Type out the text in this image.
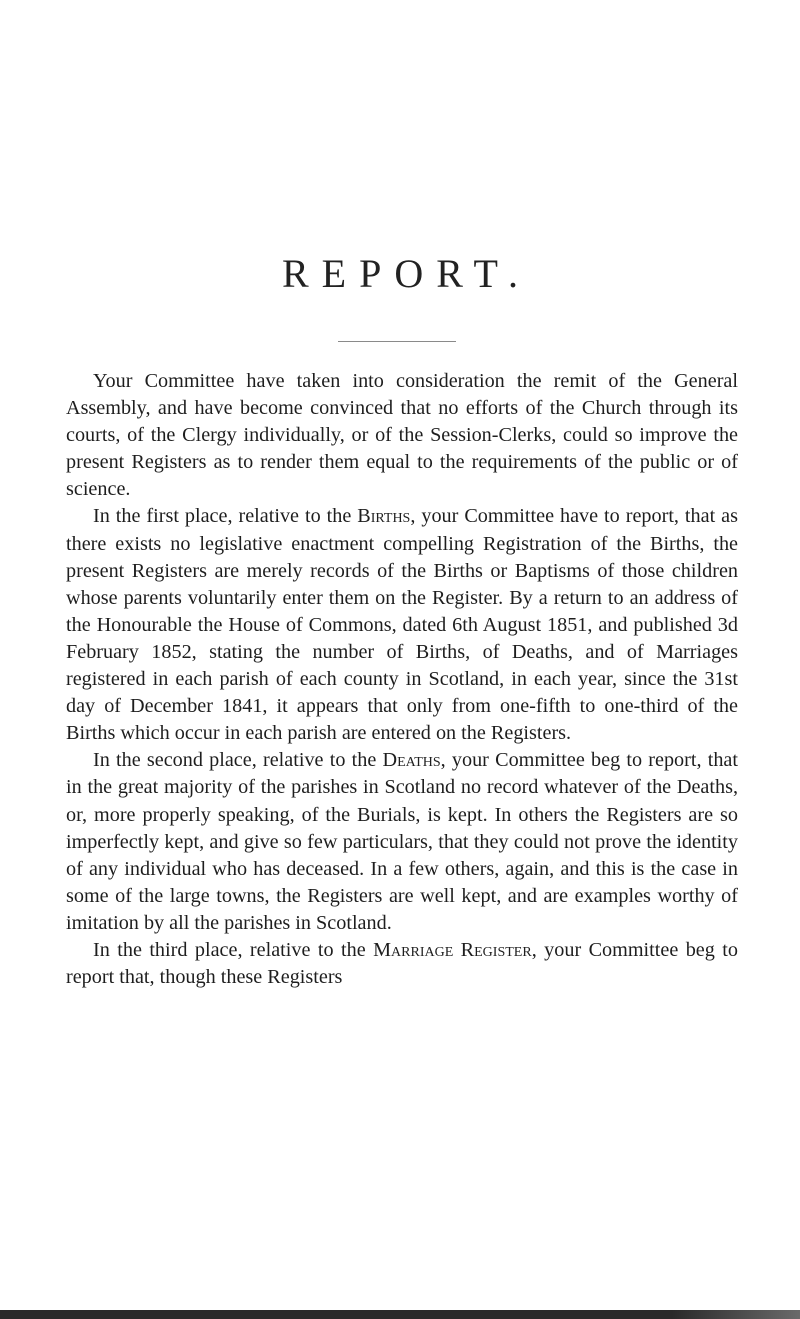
REPORT.

Your Committee have taken into consideration the remit of the General Assembly, and have become convinced that no efforts of the Church through its courts, of the Clergy individually, or of the Session-Clerks, could so improve the present Registers as to render them equal to the requirements of the public or of science.

In the first place, relative to the Births, your Committee have to report, that as there exists no legislative enactment compelling Registration of the Births, the present Registers are merely records of the Births or Baptisms of those children whose parents voluntarily enter them on the Register. By a return to an address of the Honourable the House of Commons, dated 6th August 1851, and published 3d February 1852, stating the number of Births, of Deaths, and of Marriages registered in each parish of each county in Scotland, in each year, since the 31st day of December 1841, it appears that only from one-fifth to one-third of the Births which occur in each parish are entered on the Registers.

In the second place, relative to the Deaths, your Committee beg to report, that in the great majority of the parishes in Scotland no record whatever of the Deaths, or, more properly speaking, of the Burials, is kept. In others the Registers are so imperfectly kept, and give so few particulars, that they could not prove the identity of any individual who has deceased. In a few others, again, and this is the case in some of the large towns, the Registers are well kept, and are examples worthy of imitation by all the parishes in Scotland.

In the third place, relative to the Marriage Register, your Committee beg to report that, though these Registers
